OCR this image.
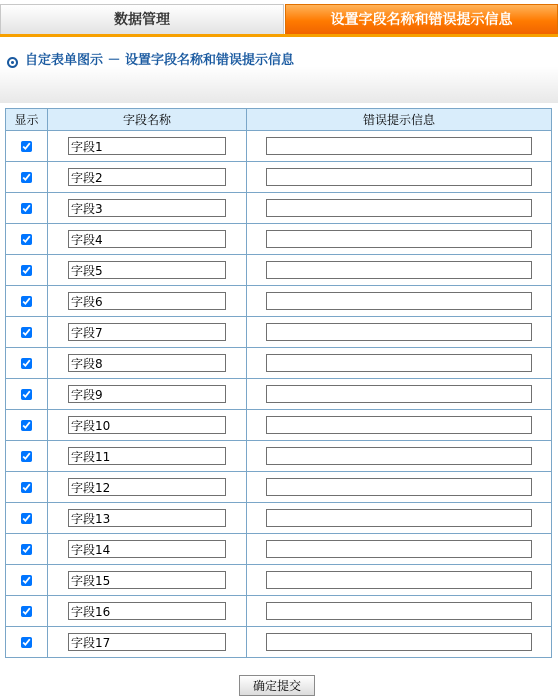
数据管理	设置字段名称和错误提示信息
自定表单图示 － 设置字段名称和错误提示信息
显示	字段名称	错误提示信息
	字段1	
	字段2	
	字段3	
	字段4	
	字段5	
	字段6	
	字段7	
	字段8	
	字段9	
	字段10	
	字段11	
	字段12	
	字段13	
	字段14	
	字段15	
	字段16	
	字段17	
确定提交
